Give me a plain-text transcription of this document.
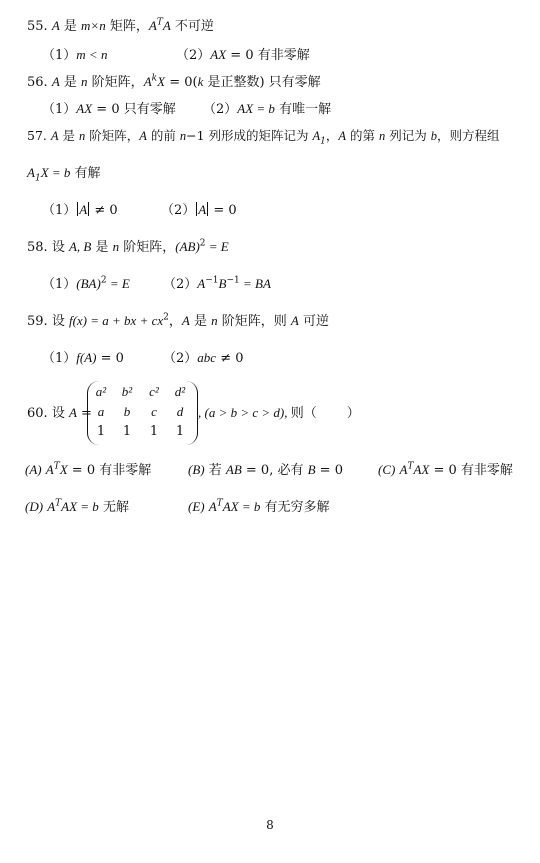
55. A 是 m×n 矩阵，$A^TA$ 不可逆
（1）m < n	（2）AX = 0 有非零解
56. A 是 n 阶矩阵，$A^kX = 0(k$ 是正整数) 只有零解
（1）AX = 0 只有零解 （2）AX = b 有唯一解
57. A 是 n 阶矩阵，A 的前 n−1 列形成的矩阵记为 $A_1$，A 的第 n 列记为 b，则方程组
$A_1X = b$ 有解
（1） A ≠ 0	（2） A = 0
58. 设 A, B 是 n 阶矩阵，(AB)$^2$ = E
（1）(BA)$^2$ = E	$(2)A^{-1}B^{-1}$ = BA
59. 设 f(x) = a + bx + $cx^2$，A 是 n 阶矩阵，则 A 可逆
（1）f(A) = 0	（2）abc ≠ 0
60. 设 A =
a²	b²	c²	d²
a	b	c	d
1	1	1	1
, (a > b > c > d), 则（ ）
(A) $A^TX = 0$ 有非零解	(B) 若 AB = 0, 必有 B = 0	(C) $A^TAX = 0$ 有非零解
(D) $A^TAX = b$ 无解	(E) $A^TAX = b$ 有无穷多解
8
